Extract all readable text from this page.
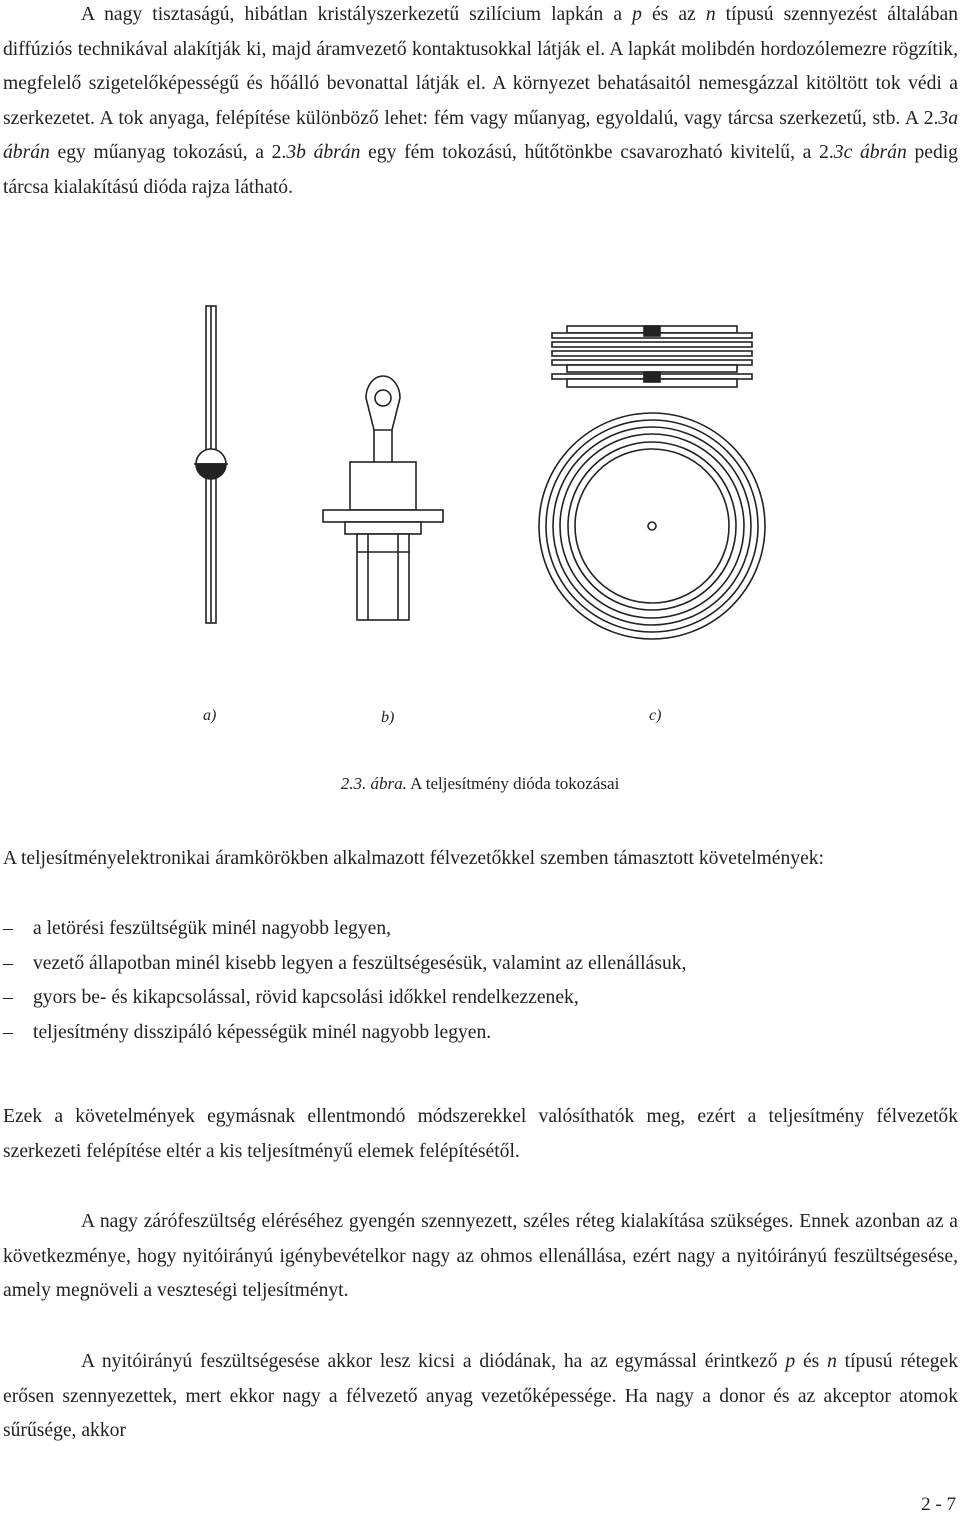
A nagy tisztaságú, hibátlan kristályszerkezetű szilícium lapkán a p és az n típusú szennyezést általában diffúziós technikával alakítják ki, majd áramvezető kontaktusokkal látják el. A lapkát molibdén hordozólemezre rögzítik, megfelelő szigetelőképességű és hőálló bevonattal látják el. A környezet behatásaitól nemesgázzal kitöltött tok védi a szerkezetet. A tok anyaga, felépítése különböző lehet: fém vagy műanyag, egyoldalú, vagy tárcsa szerkezetű, stb. A 2.3a ábrán egy műanyag tokozású, a 2.3b ábrán egy fém tokozású, hűtőtönkbe csavarozható kivitelű, a 2.3c ábrán pedig tárcsa kialakítású dióda rajza látható.

a)	b)	c)
2.3. ábra. A teljesítmény dióda tokozásai

A teljesítményelektronikai áramkörökben alkalmazott félvezetőkkel szemben támasztott követelmények:

– a letörési feszültségük minél nagyobb legyen,
– vezető állapotban minél kisebb legyen a feszültségesésük, valamint az ellenállásuk,
– gyors be- és kikapcsolással, rövid kapcsolási időkkel rendelkezzenek,
– teljesítmény disszipáló képességük minél nagyobb legyen.

Ezek a követelmények egymásnak ellentmondó módszerekkel valósíthatók meg, ezért a teljesítmény félvezetők szerkezeti felépítése eltér a kis teljesítményű elemek felépítésétől.

A nagy zárófeszültség eléréséhez gyengén szennyezett, széles réteg kialakítása szükséges. Ennek azonban az a következménye, hogy nyitóirányú igénybevételkor nagy az ohmos ellenállása, ezért nagy a nyitóirányú feszültségesése, amely megnöveli a veszteségi teljesítményt.

A nyitóirányú feszültségesése akkor lesz kicsi a diódának, ha az egymással érintkező p és n típusú rétegek erősen szennyezettek, mert ekkor nagy a félvezető anyag vezetőképessége. Ha nagy a donor és az akceptor atomok sűrűsége, akkor

2 - 7
